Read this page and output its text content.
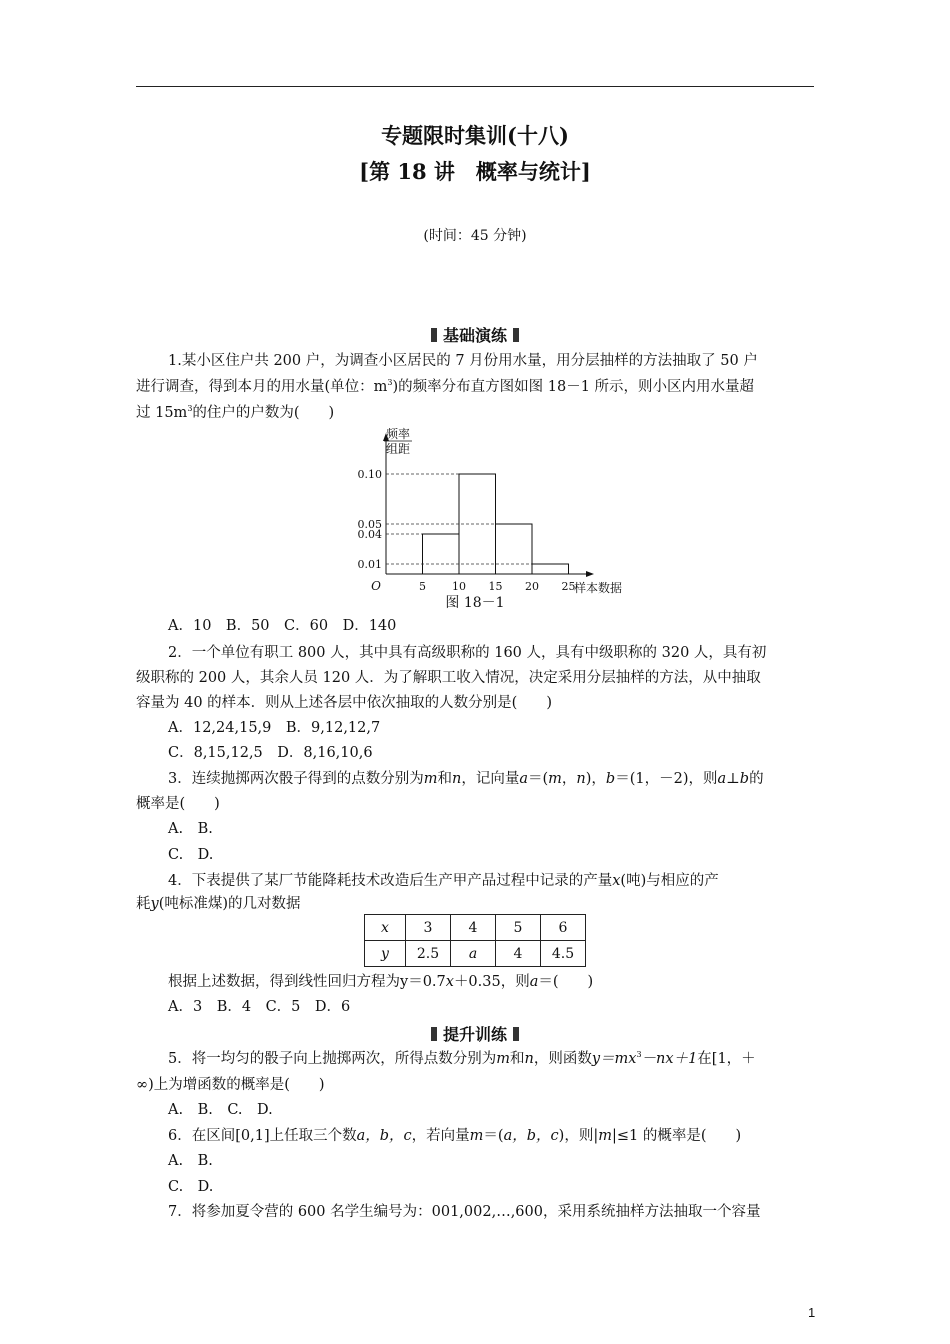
专题限时集训(十八)
[第 18 讲　概率与统计]
(时间：45 分钟)
基础演练
1.某小区住户共 200 户，为调查小区居民的 7 月份用水量，用分层抽样的方法抽取了 50 户
进行调查，得到本月的用水量(单位：$m^3$)的频率分布直方图如图 18－1 所示，则小区内用水量超
过 $15m^3$的住户的户数为(　　)
0.01
0.04
0.05
0.10
5 10 15 20 25
O	样本数据
频率
组距
图 18－1
A．10　B．50　C．60　D．140
2．一个单位有职工 800 人，其中具有高级职称的 160 人，具有中级职称的 320 人，具有初
级职称的 200 人，其余人员 120 人．为了解职工收入情况，决定采用分层抽样的方法，从中抽取
容量为 40 的样本．则从上述各层中依次抽取的人数分别是(　　)
A．12,24,15,9　B．9,12,12,7
C．8,15,12,5　D．8,16,10,6
3．连续抛掷两次骰子得到的点数分别为m和n，记向量a＝(m，n)，b＝(1，－2)，则a⊥b的
概率是(　　)
A.　B.
C.　D.
4．下表提供了某厂节能降耗技术改造后生产甲产品过程中记录的产量x(吨)与相应的产
耗y(吨标准煤)的几对数据
x	3	4	5	6
y	2.5	a	4	4.5
根据上述数据，得到线性回归方程为y＝0.7x＋0.35，则a＝(　　)
A．3　B．4　C．5　D．6
提升训练
5．将一均匀的骰子向上抛掷两次，所得点数分别为m和n，则函数$y=mx^3-nx+1$在[1，＋
∞)上为增函数的概率是(　　)
A.　B.　C.　D.
6．在区间[0,1]上任取三个数a，b，c，若向量m＝(a，b，c)，则|m|≤1 的概率是(　　)
A.　B.
C.　D.
7．将参加夏令营的 600 名学生编号为：001,002,…,600，采用系统抽样方法抽取一个容量
1
